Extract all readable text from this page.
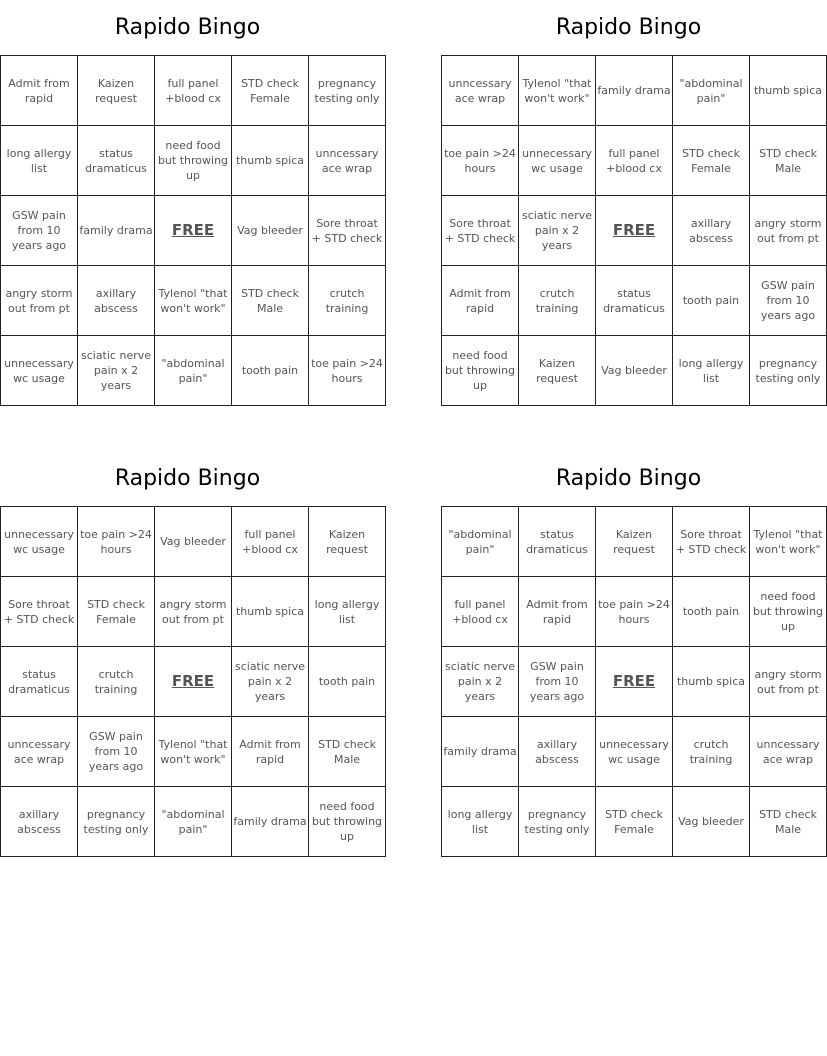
Rapido Bingo
Admit from rapid	Kaizen request	full panel +blood cx	STD check Female	pregnancy testing only
long allergy list	status dramaticus	need food but throwing up	thumb spica	unncessary ace wrap
GSW pain from 10 years ago	family drama	FREE	Vag bleeder	Sore throat + STD check
angry storm out from pt	axillary abscess	Tylenol "that won't work"	STD check Male	crutch training
unnecessary wc usage	sciatic nerve pain x 2 years	"abdominal pain"	tooth pain	toe pain >24 hours
Rapido Bingo
unncessary ace wrap	Tylenol "that won't work"	family drama	"abdominal pain"	thumb spica
toe pain >24 hours	unnecessary wc usage	full panel +blood cx	STD check Female	STD check Male
Sore throat + STD check	sciatic nerve pain x 2 years	FREE	axillary abscess	angry storm out from pt
Admit from rapid	crutch training	status dramaticus	tooth pain	GSW pain from 10 years ago
need food but throwing up	Kaizen request	Vag bleeder	long allergy list	pregnancy testing only
Rapido Bingo
unnecessary wc usage	toe pain >24 hours	Vag bleeder	full panel +blood cx	Kaizen request
Sore throat + STD check	STD check Female	angry storm out from pt	thumb spica	long allergy list
status dramaticus	crutch training	FREE	sciatic nerve pain x 2 years	tooth pain
unncessary ace wrap	GSW pain from 10 years ago	Tylenol "that won't work"	Admit from rapid	STD check Male
axillary abscess	pregnancy testing only	"abdominal pain"	family drama	need food but throwing up
Rapido Bingo
"abdominal pain"	status dramaticus	Kaizen request	Sore throat + STD check	Tylenol "that won't work"
full panel +blood cx	Admit from rapid	toe pain >24 hours	tooth pain	need food but throwing up
sciatic nerve pain x 2 years	GSW pain from 10 years ago	FREE	thumb spica	angry storm out from pt
family drama	axillary abscess	unnecessary wc usage	crutch training	unncessary ace wrap
long allergy list	pregnancy testing only	STD check Female	Vag bleeder	STD check Male
